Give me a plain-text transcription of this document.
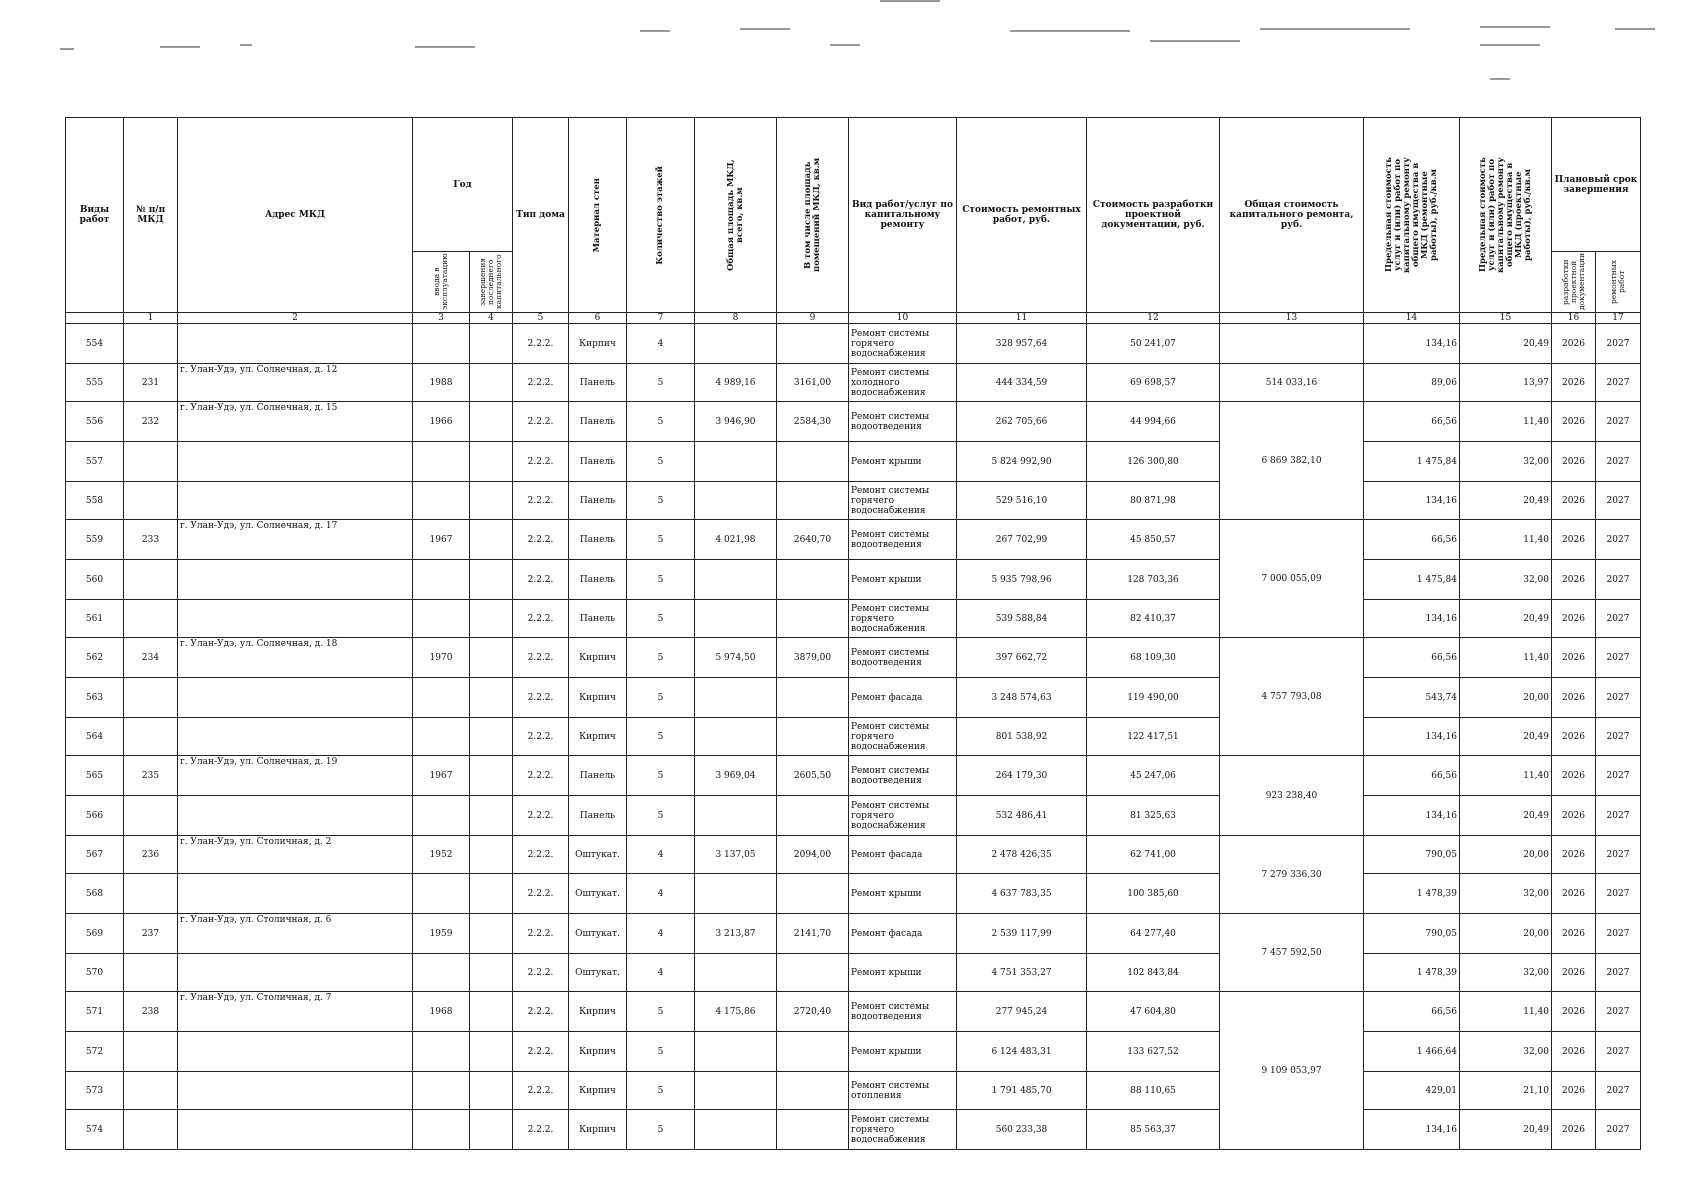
Виды работ	№ п/п МКД	Адрес МКД	Год		Тип дома	Материал стен	Количество этажей	Общая площадь МКД, всего, кв.м	В том числе площадь помещений МКД, кв.м	Вид работ/услуг по капитальному ремонту	Стоимость ремонтных работ, руб.	Стоимость разработки проектной документации, руб.	Общая стоимость капитального ремонта, руб.	Предельная стоимость услуг и (или) работ по капитальному ремонту общего имущества в МКД (ремонтные работы), руб./кв.м	Предельная стоимость услуг и (или) работ по капитальному ремонту общего имущества в МКД (проектные работы), руб./кв.м	Плановый срок завершения	

			ввода в эксплуатацию	завершения последнего капитального												разработки проектной документации	ремонтных работ

	1	2	3	4	5	6	7	8	9	10	11	12	13	14	15	16	17
554					2.2.2.	Кирпич	4			Ремонт системы горячего водоснабжения	328 957,64	50 241,07		134,16	20,49	2026	2027
555	231	г. Улан-Удэ, ул. Солнечная, д. 12	1988		2.2.2.	Панель	5	4 989,16	3161,00	Ремонт системы холодного водоснабжения	444 334,59	69 698,57	514 033,16	89,06	13,97	2026	2027
556	232	г. Улан-Удэ, ул. Солнечная, д. 15	1966		2.2.2.	Панель	5	3 946,90	2584,30	Ремонт системы водоотведения	262 705,66	44 994,66	6 869 382,10	66,56	11,40	2026	2027
557					2.2.2.	Панель	5			Ремонт крыши	5 824 992,90	126 300,80		1 475,84	32,00	2026	2027
558					2.2.2.	Панель	5			Ремонт системы горячего водоснабжения	529 516,10	80 871,98		134,16	20,49	2026	2027
559	233	г. Улан-Удэ, ул. Солнечная, д. 17	1967		2.2.2.	Панель	5	4 021,98	2640,70	Ремонт системы водоотведения	267 702,99	45 850,57	7 000 055,09	66,56	11,40	2026	2027
560					2.2.2.	Панель	5			Ремонт крыши	5 935 798,96	128 703,36		1 475,84	32,00	2026	2027
561					2.2.2.	Панель	5			Ремонт системы горячего водоснабжения	539 588,84	82 410,37		134,16	20,49	2026	2027
562	234	г. Улан-Удэ, ул. Солнечная, д. 18	1970		2.2.2.	Кирпич	5	5 974,50	3879,00	Ремонт системы водоотведения	397 662,72	68 109,30	4 757 793,08	66,56	11,40	2026	2027
563					2.2.2.	Кирпич	5			Ремонт фасада	3 248 574,63	119 490,00		543,74	20,00	2026	2027
564					2.2.2.	Кирпич	5			Ремонт системы горячего водоснабжения	801 538,92	122 417,51		134,16	20,49	2026	2027
565	235	г. Улан-Удэ, ул. Солнечная, д. 19	1967		2.2.2.	Панель	5	3 969,04	2605,50	Ремонт системы водоотведения	264 179,30	45 247,06	923 238,40	66,56	11,40	2026	2027
566					2.2.2.	Панель	5			Ремонт системы горячего водоснабжения	532 486,41	81 325,63		134,16	20,49	2026	2027
567	236	г. Улан-Удэ, ул. Столичная, д. 2	1952		2.2.2.	Оштукат.	4	3 137,05	2094,00	Ремонт фасада	2 478 426,35	62 741,00	7 279 336,30	790,05	20,00	2026	2027
568					2.2.2.	Оштукат.	4			Ремонт крыши	4 637 783,35	100 385,60		1 478,39	32,00	2026	2027
569	237	г. Улан-Удэ, ул. Столичная, д. 6	1959		2.2.2.	Оштукат.	4	3 213,87	2141,70	Ремонт фасада	2 539 117,99	64 277,40	7 457 592,50	790,05	20,00	2026	2027
570					2.2.2.	Оштукат.	4			Ремонт крыши	4 751 353,27	102 843,84		1 478,39	32,00	2026	2027
571	238	г. Улан-Удэ, ул. Столичная, д. 7	1968		2.2.2.	Кирпич	5	4 175,86	2720,40	Ремонт системы водоотведения	277 945,24	47 604,80	9 109 053,97	66,56	11,40	2026	2027
572					2.2.2.	Кирпич	5			Ремонт крыши	6 124 483,31	133 627,52		1 466,64	32,00	2026	2027
573					2.2.2.	Кирпич	5			Ремонт системы отопления	1 791 485,70	88 110,65		429,01	21,10	2026	2027
574					2.2.2.	Кирпич	5			Ремонт системы горячего водоснабжения	560 233,38	85 563,37		134,16	20,49	2026	2027
